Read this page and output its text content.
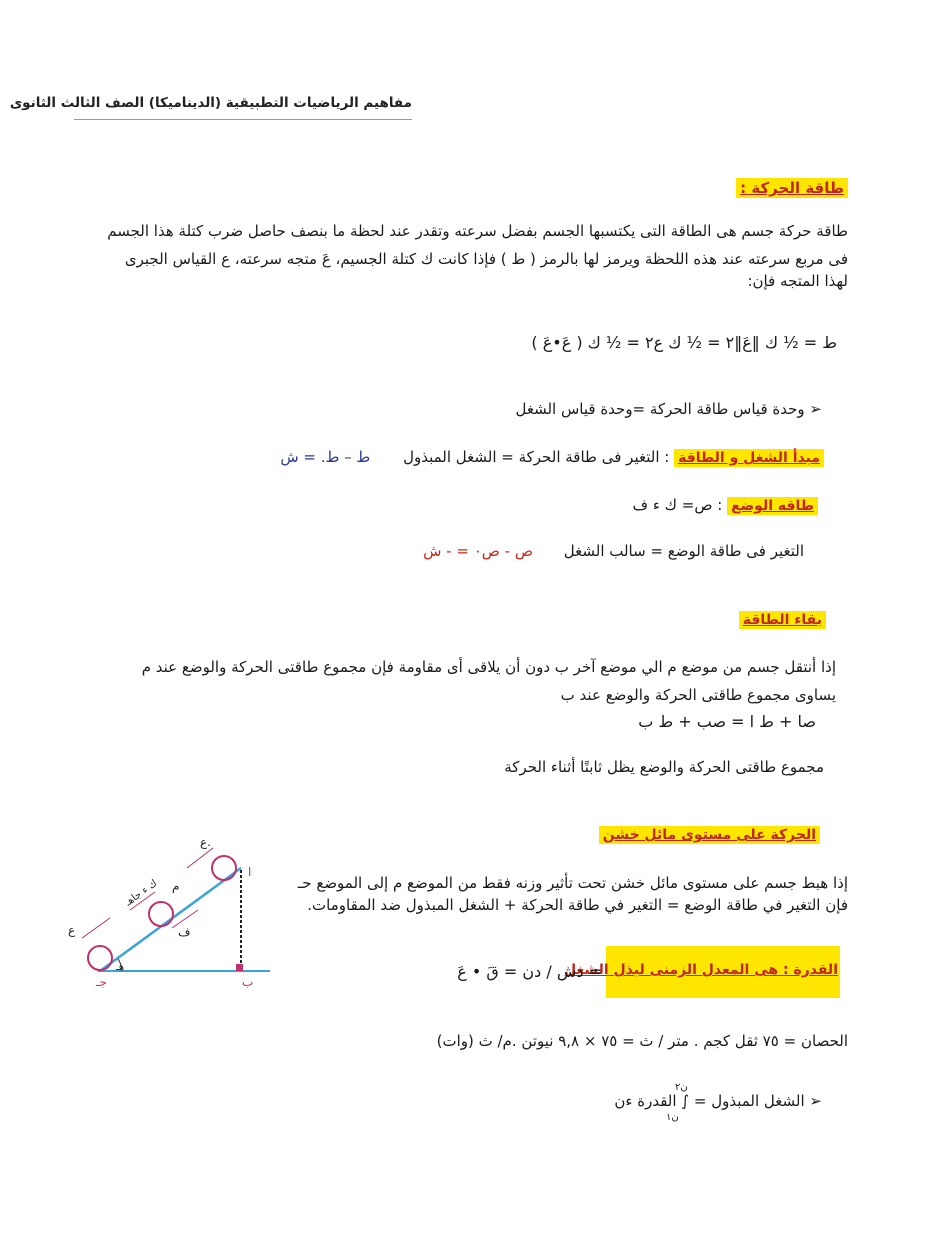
مفاهيم الرياضيات التطبيقية (الديناميكا) الصف الثالث الثانوى
طاقة الحركة :
طاقة حركة جسم هى الطاقة التى يكتسبها الجسم بفضل سرعته وتقدر عند لحظة ما بنصف حاصل ضرب كتلة هذا الجسم
فى مربع سرعته عند هذه اللحظة ويرمز لها بالرمز ( ط ) فإذا كانت ك كتلة الجسيم، عَ متجه سرعته، ع القياس الجبرى
لهذا المتجه فإن:
ط = ½ ك ‖عَ‖٢ = ½ ك ع٢ = ½ ك ( عَ•عَ )
➢ وحدة قياس طاقة الحركة =وحدة قياس الشغل
مبدأ الشغل و الطاقة : التغير فى طاقة الحركة = الشغل المبذول ط – ط. = ش
طاقه الوضع : ص= ك ء ف
التغير فى طاقة الوضع = سالب الشغل ص - ص٠ = - ش
بقاء الطاقة
إذا أنتقل جسم من موضع م الي موضع آخر ب دون أن يلاقى أى مقاومة فإن مجموع طاقتى الحركة والوضع عند م
يساوى مجموع طاقتى الحركة والوضع عند ب
صا + ط ا = صب + ط ب
مجموع طاقتى الحركة والوضع يظل ثابتًا أثناء الحركة
الحركة على مستوى مائل خشن
إذا هبط جسم على مستوى مائل خشن تحت تأثير وزنه فقط من الموضع م إلى الموضع حـ
فإن التغير في طاقة الوضع = التغير في طاقة الحركة + الشغل المبذول ضد المقاومات.
ع.
م
ف
ك ء جاهـ
ع
ا
ب
جـ
هـ	القدرة : هى المعدل الزمنى لبذل الشغل
= دش / دن = قَ • عَ
الحصان = ٧٥ ثقل كجم . متر / ث = ٧٥ × ٩,٨ نيوتن .م/ ث (وات)
➢ الشغل المبذول = ∫ القدرة ءن
ن٢
ن١
